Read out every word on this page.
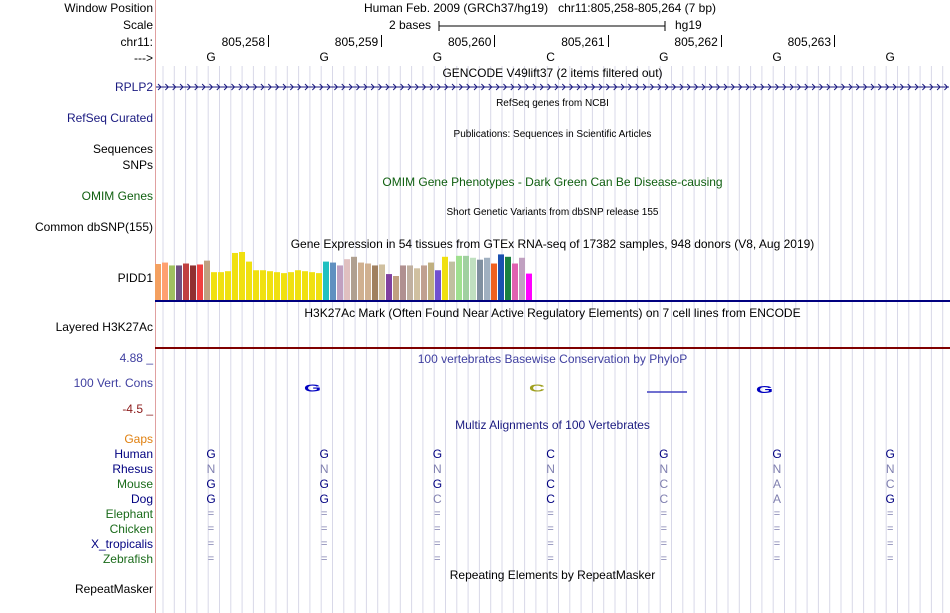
Window Position	Human Feb. 2009 (GRCh37/hg19) chr11:805,258-805,264 (7 bp)
Scale	2 bases	hg19
chr11:	805,258	805,259	805,260	805,261	805,262	805,263
--->	G	G	G	C	G	G	G
GENCODE V49lift37 (2 items filtered out)
RPLP2
RefSeq genes from NCBI
RefSeq Curated
Publications: Sequences in Scientific Articles
Sequences
SNPs
OMIM Gene Phenotypes - Dark Green Can Be Disease-causing
OMIM Genes
Short Genetic Variants from dbSNP release 155
Common dbSNP(155)
Gene Expression in 54 tissues from GTEx RNA-seq of 17382 samples, 948 donors (V8, Aug 2019)
PIDD1
H3K27Ac Mark (Often Found Near Active Regulatory Elements) on 7 cell lines from ENCODE
Layered H3K27Ac
100 vertebrates Basewise Conservation by PhyloP
4.88 _
100 Vert. Cons
-4.5 _
G	C	G
Multiz Alignments of 100 Vertebrates
Gaps
Human	G	G	G	C	G	G	G
Rhesus	N	N	N	N	N	N	N
Mouse	G	G	G	C	C	A	C
Dog	G	G	C	C	C	A	G
Elephant	=	=	=	=	=	=	=
Chicken	=	=	=	=	=	=	=
X_tropicalis	=	=	=	=	=	=	=
Zebrafish	=	=	=	=	=	=	=
Repeating Elements by RepeatMasker
RepeatMasker
